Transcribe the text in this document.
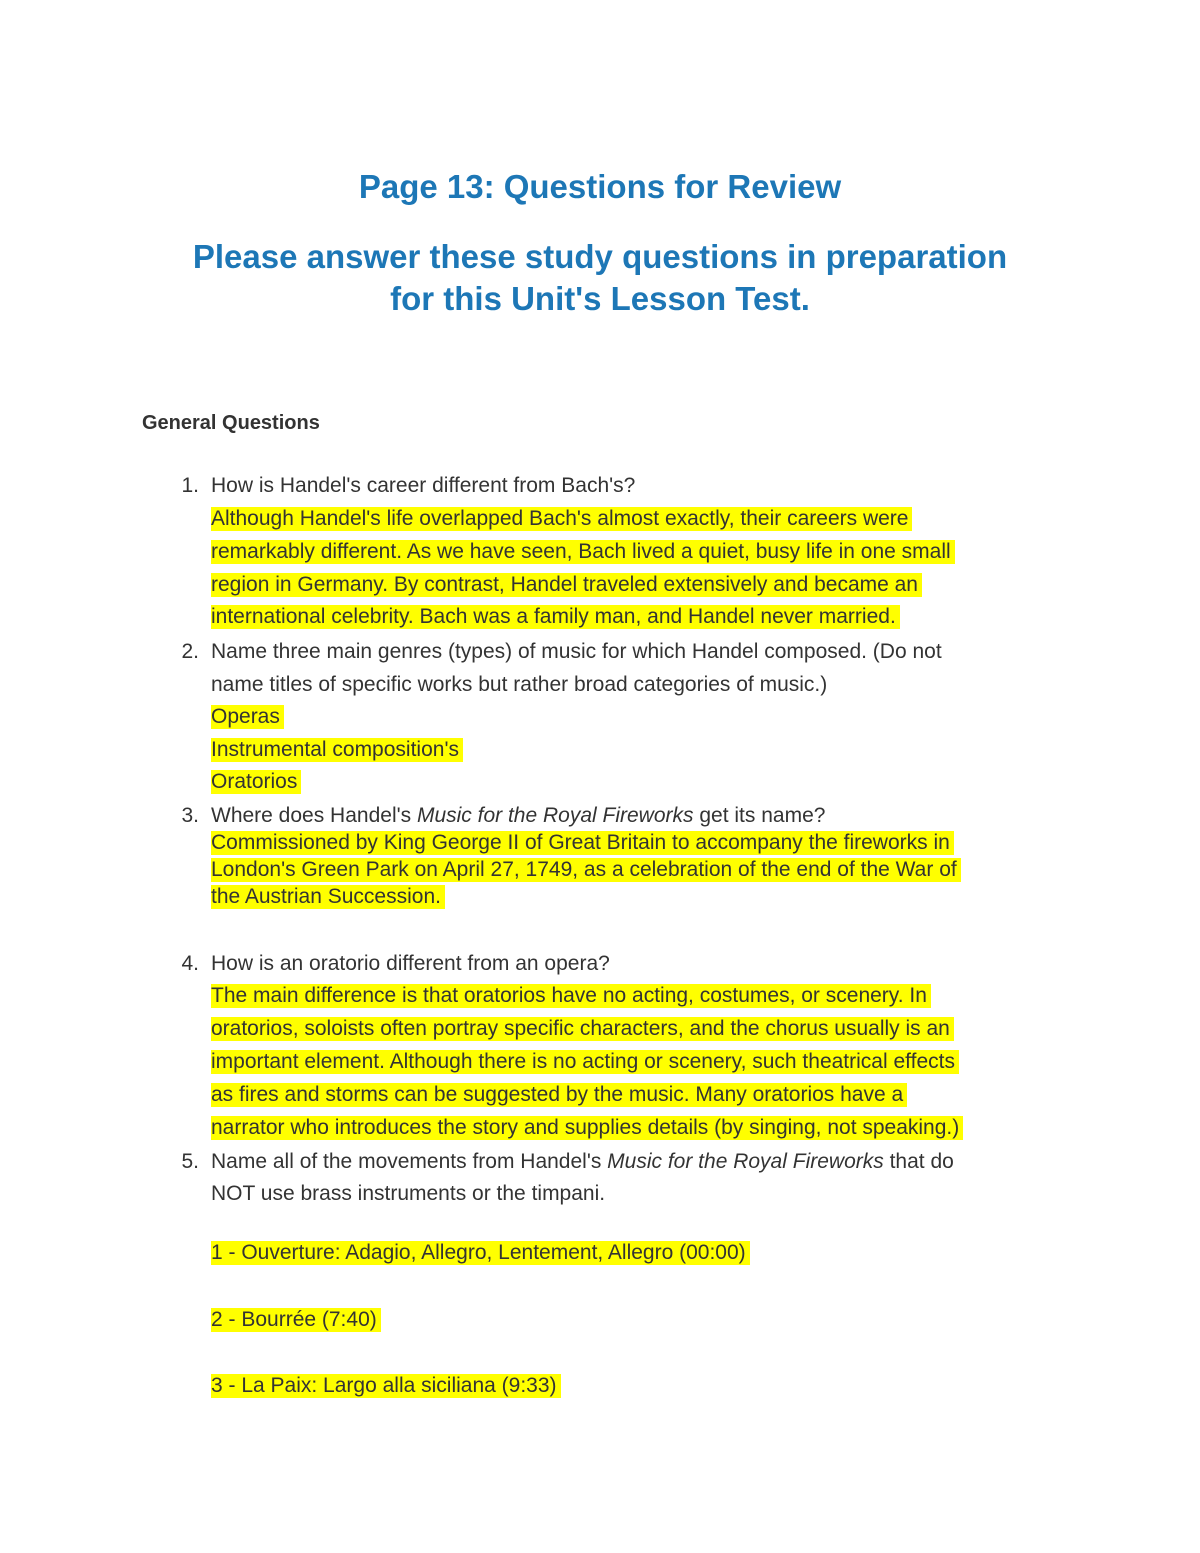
Page 13: Questions for Review
Please answer these study questions in preparation
for this Unit's Lesson Test.
General Questions
1. How is Handel's career different from Bach's?
Although Handel's life overlapped Bach's almost exactly, their careers were
remarkably different. As we have seen, Bach lived a quiet, busy life in one small
region in Germany. By contrast, Handel traveled extensively and became an
international celebrity. Bach was a family man, and Handel never married.
2. Name three main genres (types) of music for which Handel composed. (Do not
name titles of specific works but rather broad categories of music.)
Operas
Instrumental composition's
Oratorios
3. Where does Handel's Music for the Royal Fireworks get its name?
Commissioned by King George II of Great Britain to accompany the fireworks in
London's Green Park on April 27, 1749, as a celebration of the end of the War of
the Austrian Succession.
4. How is an oratorio different from an opera?
The main difference is that oratorios have no acting, costumes, or scenery. In
oratorios, soloists often portray specific characters, and the chorus usually is an
important element. Although there is no acting or scenery, such theatrical effects
as fires and storms can be suggested by the music. Many oratorios have a
narrator who introduces the story and supplies details (by singing, not speaking.)
5. Name all of the movements from Handel's Music for the Royal Fireworks that do
NOT use brass instruments or the timpani.
1 - Ouverture: Adagio, Allegro, Lentement, Allegro (00:00)
2 - Bourrée (7:40)
3 - La Paix: Largo alla siciliana (9:33)
